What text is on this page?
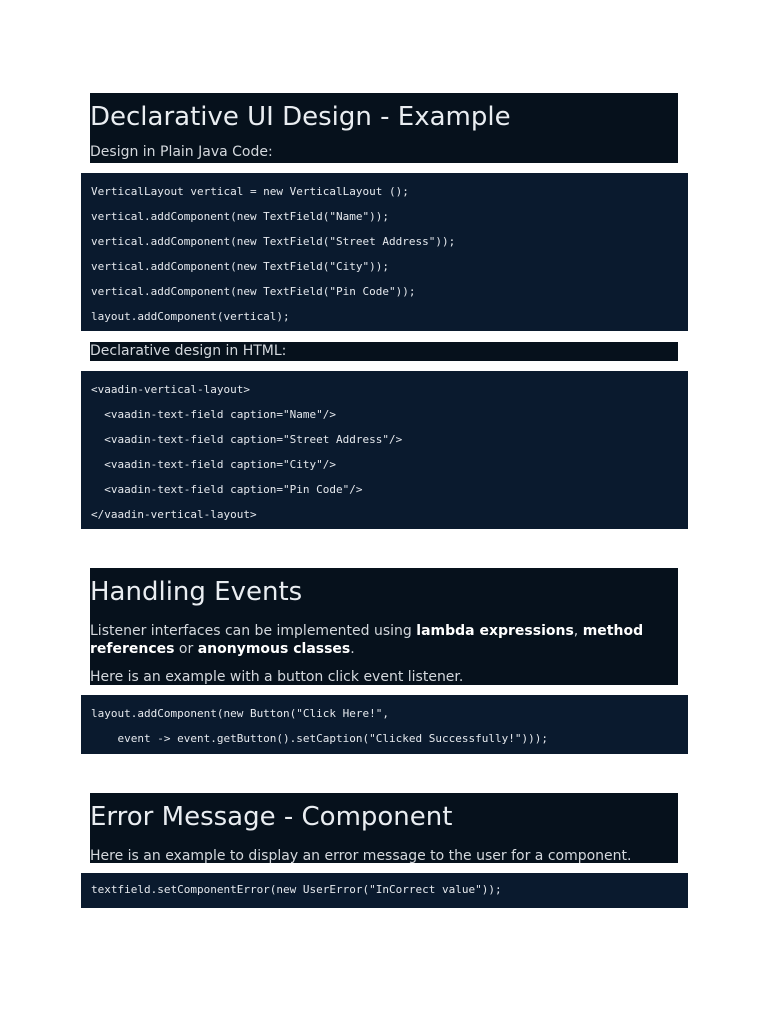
Declarative UI Design - Example
Design in Plain Java Code:
VerticalLayout vertical = new VerticalLayout ();
vertical.addComponent(new TextField("Name"));
vertical.addComponent(new TextField("Street Address"));
vertical.addComponent(new TextField("City"));
vertical.addComponent(new TextField("Pin Code"));
layout.addComponent(vertical);
Declarative design in HTML:
<vaadin-vertical-layout>
<vaadin-text-field caption="Name"/>
<vaadin-text-field caption="Street Address"/>
<vaadin-text-field caption="City"/>
<vaadin-text-field caption="Pin Code"/>
</vaadin-vertical-layout>
Handling Events
Listener interfaces can be implemented using lambda expressions, method references or anonymous classes.
Here is an example with a button click event listener.
layout.addComponent(new Button("Click Here!",
event -> event.getButton().setCaption("Clicked Successfully!")));
Error Message - Component
Here is an example to display an error message to the user for a component.
textfield.setComponentError(new UserError("InCorrect value"));
